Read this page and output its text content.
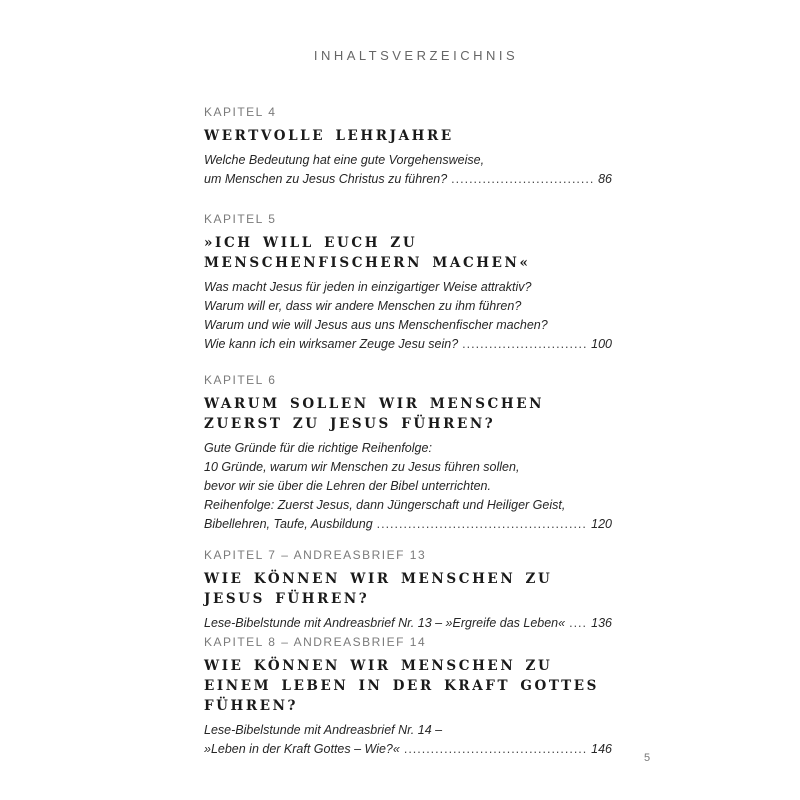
INHALTSVERZEICHNIS

KAPITEL 4

WERTVOLLE LEHRJAHRE

Welche Bedeutung hat eine gute Vorgehensweise,
um Menschen zu Jesus Christus zu führen? .....	86

KAPITEL 5

»ICH WILL EUCH ZU MENSCHENFISCHERN MACHEN«

Was macht Jesus für jeden in einzigartiger Weise attraktiv?
Warum will er, dass wir andere Menschen zu ihm führen?
Warum und wie will Jesus aus uns Menschenfischer machen?
Wie kann ich ein wirksamer Zeuge Jesu sein? .....	100

KAPITEL 6

WARUM SOLLEN WIR MENSCHEN ZUERST ZU JESUS FÜHREN?

Gute Gründe für die richtige Reihenfolge:
10 Gründe, warum wir Menschen zu Jesus führen sollen,
bevor wir sie über die Lehren der Bibel unterrichten.
Reihenfolge: Zuerst Jesus, dann Jüngerschaft und Heiliger Geist,
Bibellehren, Taufe, Ausbildung .....	120

KAPITEL 7 – ANDREASBRIEF 13

WIE KÖNNEN WIR MENSCHEN ZU JESUS FÜHREN?

Lese-Bibelstunde mit Andreasbrief Nr. 13 – »Ergreife das Leben« ..... 136

KAPITEL 8 – ANDREASBRIEF 14

WIE KÖNNEN WIR MENSCHEN ZU EINEM LEBEN IN DER KRAFT GOTTES FÜHREN?

Lese-Bibelstunde mit Andreasbrief Nr. 14 –
»Leben in der Kraft Gottes – Wie?« .....	146
5
